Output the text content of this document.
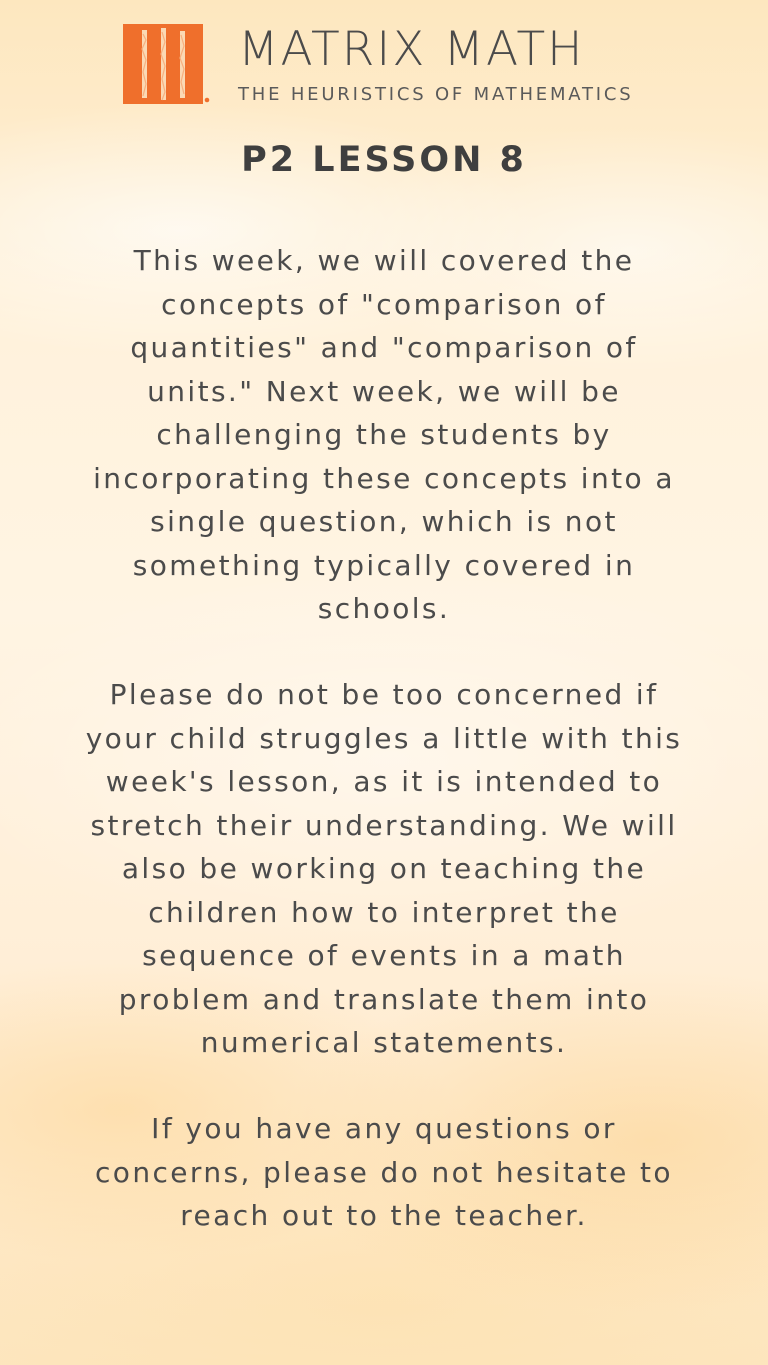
MATRIX MATH

THE HEURISTICS OF MATHEMATICS

P2 LESSON 8
This week, we will covered the
concepts of "comparison of
quantities" and "comparison of
units." Next week, we will be
challenging the students by
incorporating these concepts into a
single question, which is not
something typically covered in
schools.
Please do not be too concerned if
your child struggles a little with this
week's lesson, as it is intended to
stretch their understanding. We will
also be working on teaching the
children how to interpret the
sequence of events in a math
problem and translate them into
numerical statements.
If you have any questions or
concerns, please do not hesitate to
reach out to the teacher.
